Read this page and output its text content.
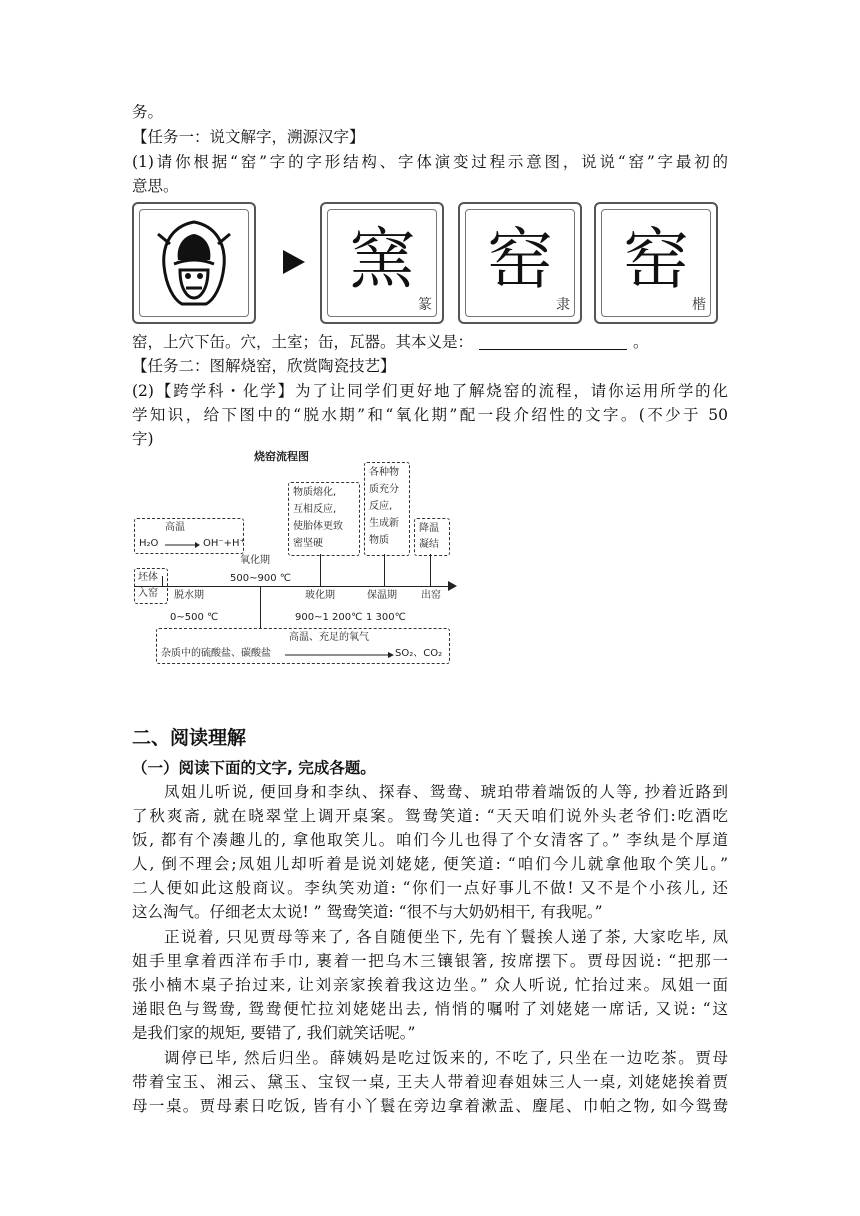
务。
【任务一：说文解字，溯源汉字】
(1)请你根据“窑”字的字形结构、字体演变过程示意图，说说“窑”字最初的
意思。
窯
篆
窑
隶
窑
楷
窑，上穴下缶。穴，土室；缶，瓦器。其本义是：	。
【任务二：图解烧窑，欣赏陶瓷技艺】
(2)【跨学科・化学】为了让同学们更好地了解烧窑的流程，请你运用所学的化
学知识，给下图中的“脱水期”和“氧化期”配一段介绍性的文字。(不少于 50
字)
烧窑流程图
高温
H₂O → OH⁻+H⁺
物质熔化,
互相反应,
使胎体更致
密坚硬
各种物
质充分
反应,
生成新
物质
降温
凝结
坯体
入窑
氧化期
500~900 ℃
脱水期	玻化期	保温期 出窑
0~500 ℃	900~1 200℃ 1 300℃
高温、充足的氧气
杂质中的硫酸盐、碳酸盐	SO₂、CO₂
二、阅读理解
（一）阅读下面的文字, 完成各题。
凤姐儿听说, 便回身和李纨、探春、鸳鸯、琥珀带着端饭的人等, 抄着近路到
了秋爽斋, 就在晓翠堂上调开桌案。鸳鸯笑道: “天天咱们说外头老爷们:吃酒吃
饭, 都有个凑趣儿的, 拿他取笑儿。咱们今儿也得了个女清客了。” 李纨是个厚道
人, 倒不理会;凤姐儿却听着是说刘姥姥, 便笑道: “咱们今儿就拿他取个笑儿。”
二人便如此这般商议。李纨笑劝道: “你们一点好事儿不做! 又不是个小孩儿, 还
这么淘气。仔细老太太说! ” 鸳鸯笑道: “很不与大奶奶相干, 有我呢。”
正说着, 只见贾母等来了, 各自随便坐下, 先有丫鬟挨人递了茶, 大家吃毕, 凤
姐手里拿着西洋布手巾, 裹着一把乌木三镶银箸, 按席摆下。贾母因说: “把那一
张小楠木桌子抬过来, 让刘亲家挨着我这边坐。” 众人听说, 忙抬过来。凤姐一面
递眼色与鸳鸯, 鸳鸯便忙拉刘姥姥出去, 悄悄的嘱咐了刘姥姥一席话, 又说: “这
是我们家的规矩, 要错了, 我们就笑话呢。”
调停已毕, 然后归坐。薛姨妈是吃过饭来的, 不吃了, 只坐在一边吃茶。贾母
带着宝玉、湘云、黛玉、宝钗一桌, 王夫人带着迎春姐妹三人一桌, 刘姥姥挨着贾
母一桌。贾母素日吃饭, 皆有小丫鬟在旁边拿着漱盂、麈尾、巾帕之物, 如今鸳鸯
